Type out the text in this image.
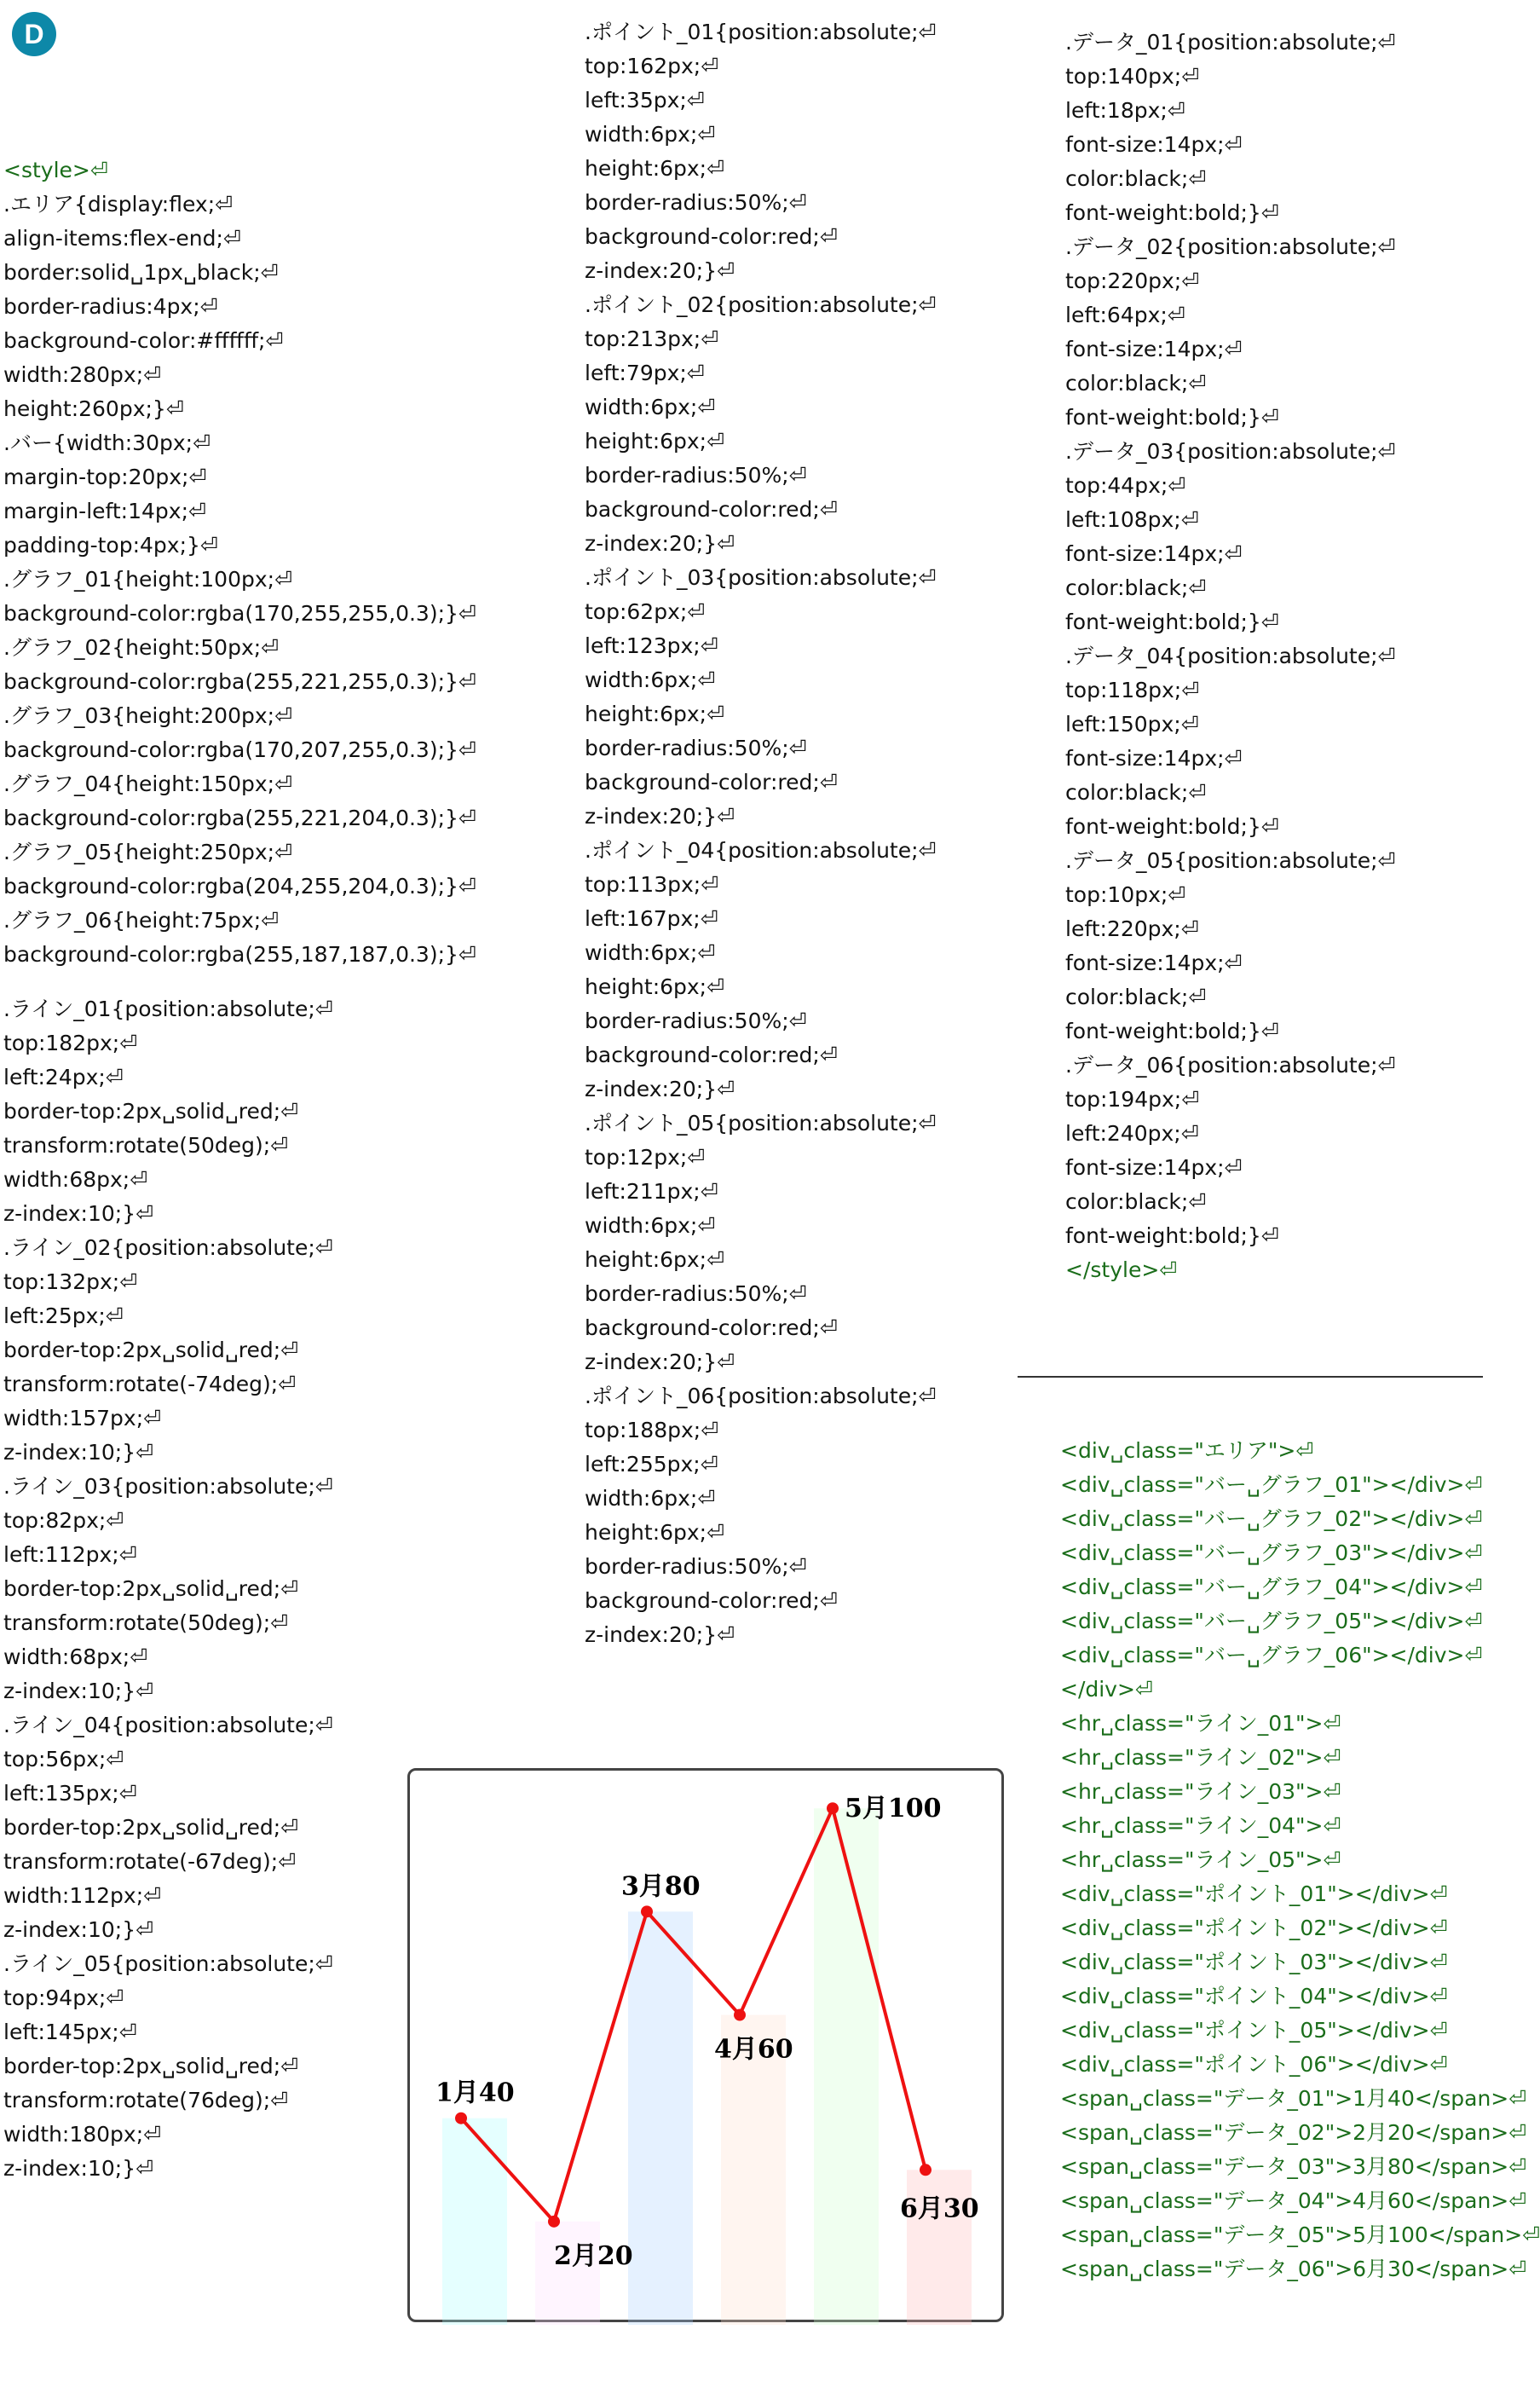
D
<style>⏎
.エリア{display:flex;⏎
align-items:flex-end;⏎
border:solid␣1px␣black;⏎
border-radius:4px;⏎
background-color:#ffffff;⏎
width:280px;⏎
height:260px;}⏎
.バー{width:30px;⏎
margin-top:20px;⏎
margin-left:14px;⏎
padding-top:4px;}⏎
.グラフ_01{height:100px;⏎
background-color:rgba(170,255,255,0.3);}⏎
.グラフ_02{height:50px;⏎
background-color:rgba(255,221,255,0.3);}⏎
.グラフ_03{height:200px;⏎
background-color:rgba(170,207,255,0.3);}⏎
.グラフ_04{height:150px;⏎
background-color:rgba(255,221,204,0.3);}⏎
.グラフ_05{height:250px;⏎
background-color:rgba(204,255,204,0.3);}⏎
.グラフ_06{height:75px;⏎
background-color:rgba(255,187,187,0.3);}⏎
.ライン_01{position:absolute;⏎
top:182px;⏎
left:24px;⏎
border-top:2px␣solid␣red;⏎
transform:rotate(50deg);⏎
width:68px;⏎
z-index:10;}⏎
.ライン_02{position:absolute;⏎
top:132px;⏎
left:25px;⏎
border-top:2px␣solid␣red;⏎
transform:rotate(-74deg);⏎
width:157px;⏎
z-index:10;}⏎
.ライン_03{position:absolute;⏎
top:82px;⏎
left:112px;⏎
border-top:2px␣solid␣red;⏎
transform:rotate(50deg);⏎
width:68px;⏎
z-index:10;}⏎
.ライン_04{position:absolute;⏎
top:56px;⏎
left:135px;⏎
border-top:2px␣solid␣red;⏎
transform:rotate(-67deg);⏎
width:112px;⏎
z-index:10;}⏎
.ライン_05{position:absolute;⏎
top:94px;⏎
left:145px;⏎
border-top:2px␣solid␣red;⏎
transform:rotate(76deg);⏎
width:180px;⏎
z-index:10;}⏎
.ポイント_01{position:absolute;⏎
top:162px;⏎
left:35px;⏎
width:6px;⏎
height:6px;⏎
border-radius:50%;⏎
background-color:red;⏎
z-index:20;}⏎
.ポイント_02{position:absolute;⏎
top:213px;⏎
left:79px;⏎
width:6px;⏎
height:6px;⏎
border-radius:50%;⏎
background-color:red;⏎
z-index:20;}⏎
.ポイント_03{position:absolute;⏎
top:62px;⏎
left:123px;⏎
width:6px;⏎
height:6px;⏎
border-radius:50%;⏎
background-color:red;⏎
z-index:20;}⏎
.ポイント_04{position:absolute;⏎
top:113px;⏎
left:167px;⏎
width:6px;⏎
height:6px;⏎
border-radius:50%;⏎
background-color:red;⏎
z-index:20;}⏎
.ポイント_05{position:absolute;⏎
top:12px;⏎
left:211px;⏎
width:6px;⏎
height:6px;⏎
border-radius:50%;⏎
background-color:red;⏎
z-index:20;}⏎
.ポイント_06{position:absolute;⏎
top:188px;⏎
left:255px;⏎
width:6px;⏎
height:6px;⏎
border-radius:50%;⏎
background-color:red;⏎
z-index:20;}⏎
.データ_01{position:absolute;⏎
top:140px;⏎
left:18px;⏎
font-size:14px;⏎
color:black;⏎
font-weight:bold;}⏎
.データ_02{position:absolute;⏎
top:220px;⏎
left:64px;⏎
font-size:14px;⏎
color:black;⏎
font-weight:bold;}⏎
.データ_03{position:absolute;⏎
top:44px;⏎
left:108px;⏎
font-size:14px;⏎
color:black;⏎
font-weight:bold;}⏎
.データ_04{position:absolute;⏎
top:118px;⏎
left:150px;⏎
font-size:14px;⏎
color:black;⏎
font-weight:bold;}⏎
.データ_05{position:absolute;⏎
top:10px;⏎
left:220px;⏎
font-size:14px;⏎
color:black;⏎
font-weight:bold;}⏎
.データ_06{position:absolute;⏎
top:194px;⏎
left:240px;⏎
font-size:14px;⏎
color:black;⏎
font-weight:bold;}⏎
</style>⏎
<div␣class="エリア">⏎
<div␣class="バー␣グラフ_01"></div>⏎
<div␣class="バー␣グラフ_02"></div>⏎
<div␣class="バー␣グラフ_03"></div>⏎
<div␣class="バー␣グラフ_04"></div>⏎
<div␣class="バー␣グラフ_05"></div>⏎
<div␣class="バー␣グラフ_06"></div>⏎
</div>⏎
<hr␣class="ライン_01">⏎
<hr␣class="ライン_02">⏎
<hr␣class="ライン_03">⏎
<hr␣class="ライン_04">⏎
<hr␣class="ライン_05">⏎
<div␣class="ポイント_01"></div>⏎
<div␣class="ポイント_02"></div>⏎
<div␣class="ポイント_03"></div>⏎
<div␣class="ポイント_04"></div>⏎
<div␣class="ポイント_05"></div>⏎
<div␣class="ポイント_06"></div>⏎
<span␣class="データ_01">1月40</span>⏎
<span␣class="データ_02">2月20</span>⏎
<span␣class="データ_03">3月80</span>⏎
<span␣class="データ_04">4月60</span>⏎
<span␣class="データ_05">5月100</span>⏎
<span␣class="データ_06">6月30</span>⏎
1月40
2月20
3月80
4月60
5月100
6月30
